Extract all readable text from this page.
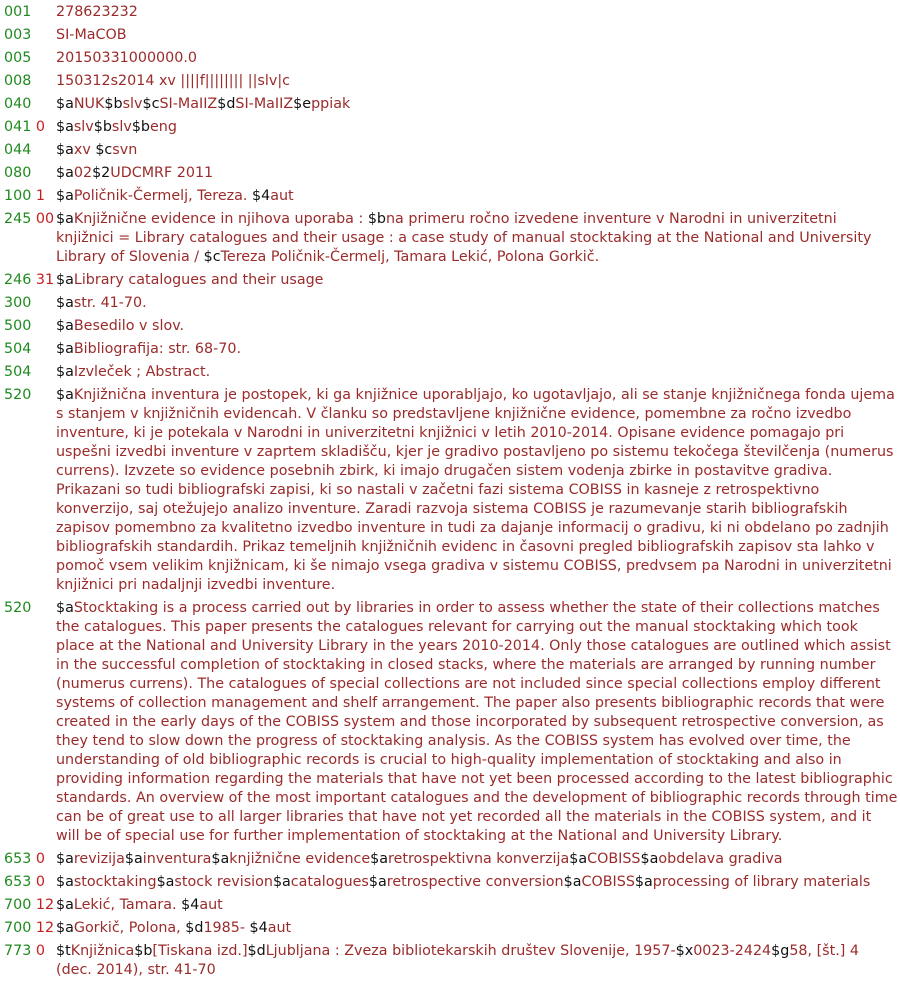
001	278623232
003	SI-MaCOB
005	20150331000000.0
008	150312s2014 xv ||||f|||||||| ||slv|c
040	$aNUK$bslv$cSI-MaIIZ$dSI-MaIIZ$eppiak
041 0 $aslv$bslv$beng
044	$axv $csvn
080	$a02$2UDCMRF 2011
100 1 $aPoličnik-Čermelj, Tereza. $4aut
245 00 $aKnjižnične evidence in njihova uporaba : $bna primeru ročno izvedene inventure v Narodni in univerzitetni knjižnici = Library catalogues and their usage : a case study of manual stocktaking at the National and University Library of Slovenia / $cTereza Poličnik-Čermelj, Tamara Lekić, Polona Gorkič.
246 31 $aLibrary catalogues and their usage
300	$astr. 41-70.
500	$aBesedilo v slov.
504	$aBibliografija: str. 68-70.
504	$aIzvleček ; Abstract.
520	$aKnjižnična inventura je postopek, ki ga knjižnice uporabljajo, ko ugotavljajo, ali se stanje knjižničnega fonda ujema s stanjem v knjižničnih evidencah. V članku so predstavljene knjižnične evidence, pomembne za ročno izvedbo inventure, ki je potekala v Narodni in univerzitetni knjižnici v letih 2010-2014. Opisane evidence pomagajo pri uspešni izvedbi inventure v zaprtem skladišču, kjer je gradivo postavljeno po sistemu tekočega številčenja (numerus currens). Izvzete so evidence posebnih zbirk, ki imajo drugačen sistem vodenja zbirke in postavitve gradiva. Prikazani so tudi bibliografski zapisi, ki so nastali v začetni fazi sistema COBISS in kasneje z retrospektivno konverzijo, saj otežujejo analizo inventure. Zaradi razvoja sistema COBISS je razumevanje starih bibliografskih zapisov pomembno za kvalitetno izvedbo inventure in tudi za dajanje informacij o gradivu, ki ni obdelano po zadnjih bibliografskih standardih. Prikaz temeljnih knjižničnih evidenc in časovni pregled bibliografskih zapisov sta lahko v pomoč vsem velikim knjižnicam, ki še nimajo vsega gradiva v sistemu COBISS, predvsem pa Narodni in univerzitetni knjižnici pri nadaljnji izvedbi inventure.
520	$aStocktaking is a process carried out by libraries in order to assess whether the state of their collections matches the catalogues. This paper presents the catalogues relevant for carrying out the manual stocktaking which took place at the National and University Library in the years 2010-2014. Only those catalogues are outlined which assist in the successful completion of stocktaking in closed stacks, where the materials are arranged by running number (numerus currens). The catalogues of special collections are not included since special collections employ different systems of collection management and shelf arrangement. The paper also presents bibliographic records that were created in the early days of the COBISS system and those incorporated by subsequent retrospective conversion, as they tend to slow down the progress of stocktaking analysis. As the COBISS system has evolved over time, the understanding of old bibliographic records is crucial to high-quality implementation of stocktaking and also in providing information regarding the materials that have not yet been processed according to the latest bibliographic standards. An overview of the most important catalogues and the development of bibliographic records through time can be of great use to all larger libraries that have not yet recorded all the materials in the COBISS system, and it will be of special use for further implementation of stocktaking at the National and University Library.
653 0 $arevizija$ainventura$aknjižnične evidence$aretrospektivna konverzija$aCOBISS$aobdelava gradiva
653 0 $astocktaking$astock revision$acatalogues$aretrospective conversion$aCOBISS$aprocessing of library materials
700 12 $aLekić, Tamara. $4aut
700 12 $aGorkič, Polona, $d1985- $4aut
773 0 $tKnjižnica$b[Tiskana izd.]$dLjubljana : Zveza bibliotekarskih društev Slovenije, 1957-$x0023-2424$g58, [št.] 4 (dec. 2014), str. 41-70
